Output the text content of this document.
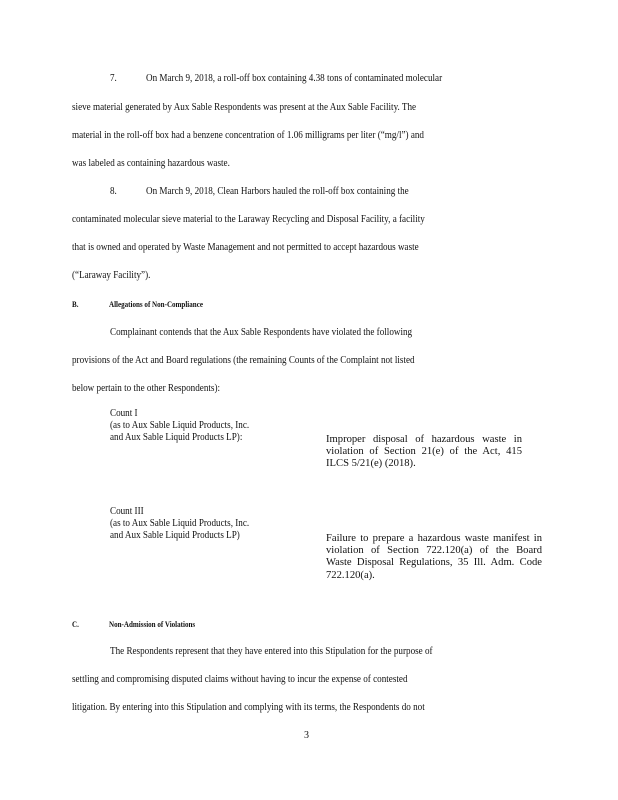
7.	On March 9, 2018, a roll-off box containing 4.38 tons of contaminated molecular
sieve material generated by Aux Sable Respondents was present at the Aux Sable Facility. The
material in the roll-off box had a benzene concentration of 1.06 milligrams per liter (“mg/l”) and
was labeled as containing hazardous waste.
8.	On March 9, 2018, Clean Harbors hauled the roll-off box containing the
contaminated molecular sieve material to the Laraway Recycling and Disposal Facility, a facility
that is owned and operated by Waste Management and not permitted to accept hazardous waste
(“Laraway Facility”).
B.	Allegations of Non-Compliance
Complainant contends that the Aux Sable Respondents have violated the following
provisions of the Act and Board regulations (the remaining Counts of the Complaint not listed
below pertain to the other Respondents):
Count I
(as to Aux Sable Liquid Products, Inc.
and Aux Sable Liquid Products LP):	Improper disposal of hazardous waste in violation of Section 21(e) of the Act, 415 ILCS 5/21(e) (2018).
Count III
(as to Aux Sable Liquid Products, Inc.
and Aux Sable Liquid Products LP)	Failure to prepare a hazardous waste manifest in violation of Section 722.120(a) of the Board Waste Disposal Regulations, 35 Ill. Adm. Code 722.120(a).
C.	Non-Admission of Violations
The Respondents represent that they have entered into this Stipulation for the purpose of
settling and compromising disputed claims without having to incur the expense of contested
litigation. By entering into this Stipulation and complying with its terms, the Respondents do not
3
